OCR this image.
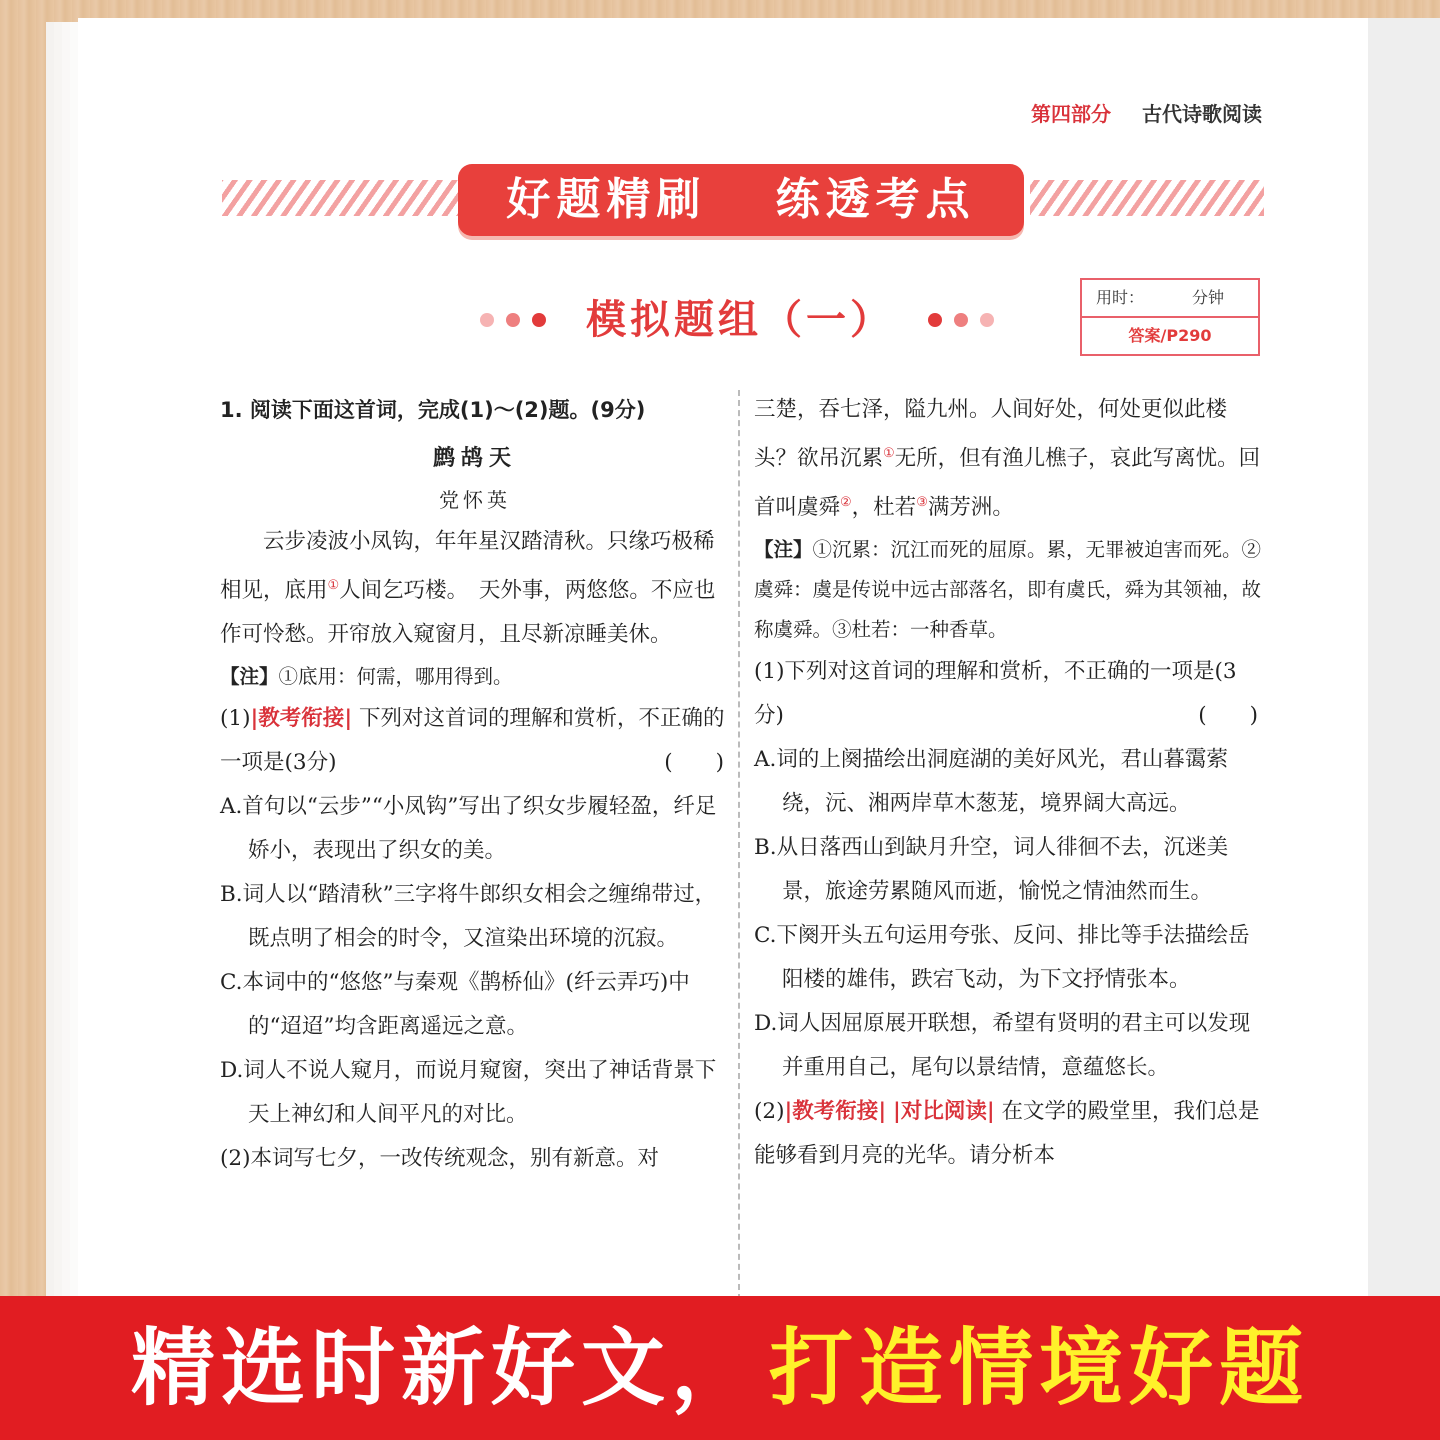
第四部分 古代诗歌阅读
好题精刷 练透考点
模拟题组（一）	用时：	分钟
答案/P290

1. 阅读下面这首词，完成(1)～(2)题。(9分)

鹧鸪天

党怀英

云步凌波小凤钩，年年星汉踏清秋。只缘巧极稀相见，底用①人间乞巧楼。　天外事，两悠悠。不应也作可怜愁。开帘放入窥窗月，且尽新凉睡美休。

【注】①底用：何需，哪用得到。

(1)|教考衔接| 下列对这首词的理解和赏析，不正确的一项是(3分)	(　　)

A.首句以“云步”“小凤钩”写出了织女步履轻盈，纤足娇小，表现出了织女的美。

B.词人以“踏清秋”三字将牛郎织女相会之缠绵带过，既点明了相会的时令，又渲染出环境的沉寂。

C.本词中的“悠悠”与秦观《鹊桥仙》(纤云弄巧)中的“迢迢”均含距离遥远之意。

D.词人不说人窥月，而说月窥窗，突出了神话背景下天上神幻和人间平凡的对比。

(2)本词写七夕，一改传统观念，别有新意。对

三楚，吞七泽，隘九州。人间好处，何处更似此楼头？欲吊沉累①无所，但有渔儿樵子，哀此写离忧。回首叫虞舜②，杜若③满芳洲。

【注】①沉累：沉江而死的屈原。累，无罪被迫害而死。②虞舜：虞是传说中远古部落名，即有虞氏，舜为其领袖，故称虞舜。③杜若：一种香草。

(1)下列对这首词的理解和赏析，不正确的一项是(3分)	(　　)

A.词的上阕描绘出洞庭湖的美好风光，君山暮霭萦绕，沅、湘两岸草木葱茏，境界阔大高远。

B.从日落西山到缺月升空，词人徘徊不去，沉迷美景，旅途劳累随风而逝，愉悦之情油然而生。

C.下阕开头五句运用夸张、反问、排比等手法描绘岳阳楼的雄伟，跌宕飞动，为下文抒情张本。

D.词人因屈原展开联想，希望有贤明的君主可以发现并重用自己，尾句以景结情，意蕴悠长。

(2)|教考衔接| |对比阅读| 在文学的殿堂里，我们总是能够看到月亮的光华。请分析本

精选时新好文，打造情境好题
